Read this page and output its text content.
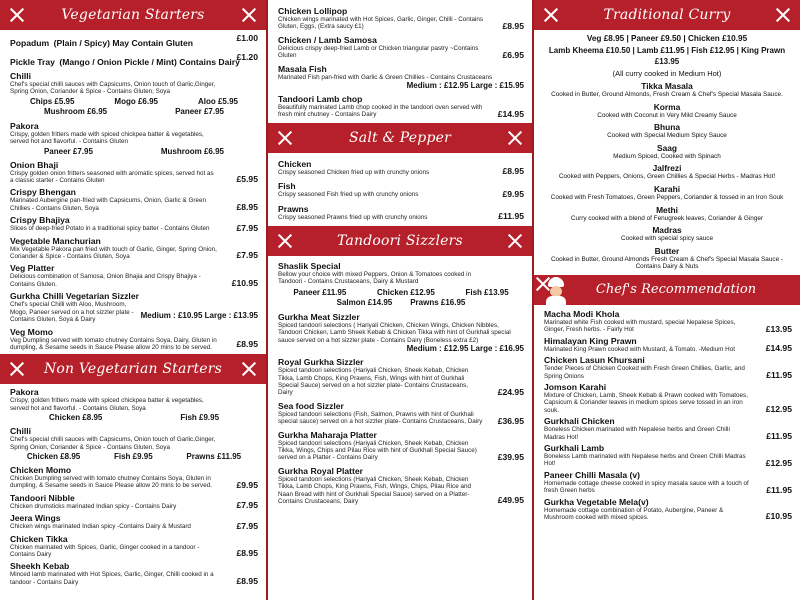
Vegetarian Starters
Popadum (Plain / Spicy) May Contain Gluten	£1.00
Pickle Tray (Mango / Onion Pickle / Mint) Contains Dairy
£1.20
Chilli
Chef's special chilli sauces with Capsicums, Onion touch of Garlic,Ginger, Spring Onion, Coriander & Spice - Contains Gluten, Soya
Chips £5.95	Mogo £6.95	Aloo £5.95
Mushroom £6.95	Paneer £7.95
Pakora
Crispy, golden fritters made with spiced chickpea batter & vegetables, served hot and flavorful. - Contains Gluten
Paneer £7.95	Mushroom £6.95
Onion Bhaji
Crispy golden onion fritters seasoned with aromatic spices, served hot as a classic starter - Contains Gluten	£5.95
Crispy Bhengan
Marinated Aubergine pan-fried with Capsicums, Onion, Garlic & Green Chillies - Contains Gluten, Soya	£8.95
Crispy Bhajiya
Slices of deep-fried Potato in a traditional spicy batter - Contains Gluten	£7.95
Vegetable Manchurian
Mix Vegetable Pakora pan fried with touch of Garlic, Ginger, Spring Onion, Coriander & Spice - Contains Gluten, Soya	£7.95
Veg Platter
Delicious combination of Samosa, Onion Bhajia and Crispy Bhajiya - Contains Gluten.	£10.95
Gurkha Chilli Vegetarian Sizzler
Chef's special Chilli with Aloo, Mushroom, Mogo, Paneer served on a hot sizzler plate - Contains Gluten, Soya & Dairy	Medium : £10.95 Large : £13.95
Veg Momo
Veg Dumpling served with tomato chutney Contains Soya, Dairy, Gluten in dumpling, & Sesame seeds in Sauce Please allow 20 mins to be served.	£8.95
Non Vegetarian Starters
Pakora
Crispy, golden fritters made with spiced chickpea batter & vegetables, served hot and flavorful. - Contains Gluten, Soya
Chicken £8.95	Fish £9.95
Chilli
Chef's special chilli sauces with Capsicums, Onion touch of Garlic,Ginger, Spring Onion, Coriander & Spice - Contains Gluten, Soya
Chicken £8.95	Fish £9.95	Prawns £11.95
Chicken Momo
Chicken Dumpling served with tomato chutney Contains Soya, Gluten in dumpling, & Sesame seeds in Sauce Please allow 20 mins to be served.	£9.95
Tandoori Nibble
Chicken drumsticks marinated Indian spicy - Contains Dairy	£7.95
Jeera Wings
Chicken wings marinated Indian spicy -Contains Dairy & Mustard	£7.95
Chicken Tikka
Chicken marinated with Spices, Garlic, Ginger cooked in a tandoor - Contains Dairy	£8.95
Sheekh Kebab
Minced lamb marinated with Hot Spices, Garlic, Ginger, Chilli cooked in a tandoor - Contains Dairy	£8.95
Chicken Lollipop
Chicken wings marinated with Hot Spices, Garlic, Ginger, Chilli - Contains Gluten, Eggs, (Extra saucy £1)	£8.95
Chicken / Lamb Samosa
Delicious crispy deep-fried Lamb or Chicken triangular pastry ~Contains Gluten	£6.95
Masala Fish
Marinated Fish pan-fried with Garlic & Green Chillies - Contains Crustaceans
Medium : £12.95 Large : £15.95
Tandoori Lamb chop
Beautifully marinated Lamb chop cooked in the tandoori oven served with fresh mint chutney - Contains Dairy	£14.95
Salt & Pepper
Chicken
Crispy seasoned Chicken fried up with crunchy onions	£8.95
Fish
Crispy seasoned Fish fried up with crunchy onions	£9.95
Prawns
Crispy seasoned Prawns fried up with crunchy onions	£11.95
Tandoori Sizzlers
Shaslik Special
Bellow your choice with mixed Peppers, Onion & Tomatoes cooked in Tandoori - Contains Crustaceans, Dairy & Mustard
Paneer £11.95	Chicken £12.95	Fish £13.95
Salmon £14.95 Prawns £16.95
Gurkha Meat Sizzler
Spiced tandoori selections ( Hariyali Chicken, Chicken Wings, Chicken Nibbles, Tandoori Chicken, Lamb Sheek Kebab & Chicken Tikka with hint of Gurkhali special sauce served on a hot sizzler plate - Contains Dairy (Boneless extra £2)
Medium : £12.95 Large : £16.95
Royal Gurkha Sizzler
Spiced tandoori selections (Hariyali Chicken, Sheek Kebab, Chicken Tikka, Lamb Chops, King Prawns, Fish, Wings with hint of Gurkhali Special Sauce) served on a hot sizzler plate- Contains Crustaceans, Dairy	£24.95
Sea food Sizzler
Spiced tandoori selections (Fish, Salmon, Prawns with hint of Gurkhali special sauce) served on a hot sizzler plate- Contains Crustaceans, Dairy	£36.95
Gurkha Maharaja Platter
Spiced tandoori selections (Hariyali Chicken, Sheek Kebab, Chicken Tikka, Wings, Chips and Pilau Rice with hint of Gurkhali Special Sauce) served on a Platter - Contains Dairy	£39.95
Gurkha Royal Platter
Spiced tandoori selections (Hariyali Chicken, Sheek Kebab, Chicken Tikka, Lamb Chops, King Prawns, Fish, Wings, Chips, Pilau Rice and Naan Bread with hint of Gurkhali Special Sauce) served on a Platter- Contains Crustaceans, Dairy	£49.95
Traditional Curry
Veg £8.95 | Paneer £9.50 | Chicken £10.95
Lamb Kheema £10.50 | Lamb £11.95 | Fish £12.95 | King Prawn £13.95
(All curry cooked in Medium Hot)
Tikka Masala
Cooked in Butter, Ground Almonds, Fresh Cream & Chef's Special Masala Sauce.
Korma
Cooked with Coconut in Very Mild Creamy Sauce
Bhuna
Cooked with Special Medium Spicy Sauce
Saag
Medium Spiced, Cooked with Spinach
Jalfrezi
Cooked with Peppers, Onions, Green Chillies & Special Herbs - Madras Hot!
Karahi
Cooked with Fresh Tomatoes, Green Peppers, Coriander & tossed in an Iron Souk
Methi
Curry cooked with a blend of Fenugreek leaves, Coriander & Ginger
Madras
Cooked with special spicy sauce
Butter
Cooked in Butter, Ground Almonds Fresh Cream & Chef's Special Masala Sauce - Contains Dairy & Nuts
Chef's Recommendation
Macha Modi Khola
Marinated white Fish cooked with mustard, special Nepalese Spices, Ginger, Fresh herbs. - Fairly Hot	£13.95
Himalayan King Prawn
Marinated King Prawn cooked with Mustard, & Tomato. -Medium Hot	£14.95
Chicken Lasun Khursani
Tender Pieces of Chicken Cooked with Fresh Green Chillies, Garlic, and Spring Onions	£11.95
Jomson Karahi
Mixture of Chicken, Lamb, Sheek Kebab & Prawn cooked with Tomatoes, Capsicum & Coriander leaves in medium spices serve tossed in an iron souk.	£12.95
Gurkhali Chicken
Boneless Chicken marinated with Nepalese herbs and Green Chilli Madras Hot!	£11.95
Gurkhali Lamb
Boneless Lamb marinated with Nepalese herbs and Green Chilli Madras Hot!	£12.95
Paneer Chilli Masala (v)
Homemade cottage cheese cooked in spicy masala sauce with a touch of fresh Green herbs	£11.95
Gurkha Vegetable Mela(v)
Homemade cottage combination of Potato, Aubergine, Paneer & Mushroom cooked with mixed spices.	£10.95
